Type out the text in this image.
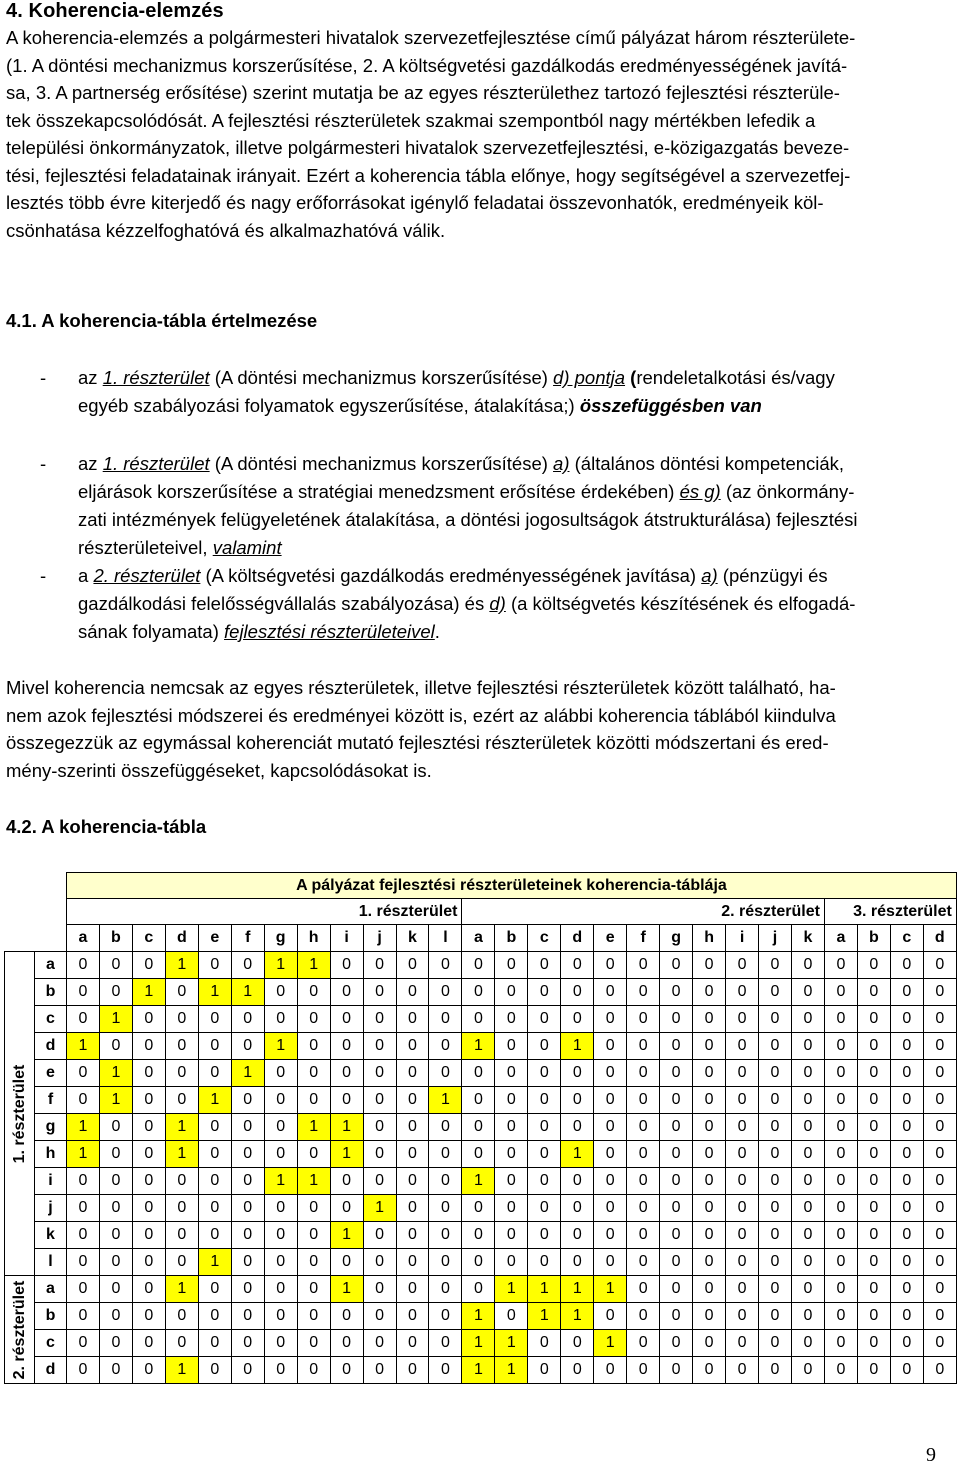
4. Koherencia-elemzés
A koherencia-elemzés a polgármesteri hivatalok szervezetfejlesztése című pályázat három részterülete-
(1. A döntési mechanizmus korszerűsítése, 2. A költségvetési gazdálkodás eredményességének javítá-
sa, 3. A partnerség erősítése) szerint mutatja be az egyes részterülethez tartozó fejlesztési részterüle-
tek összekapcsolódósát. A fejlesztési részterületek szakmai szempontból nagy mértékben lefedik a
települési önkormányzatok, illetve polgármesteri hivatalok szervezetfejlesztési, e-közigazgatás beveze-
tési, fejlesztési feladatainak irányait. Ezért a koherencia tábla előnye, hogy segítségével a szervezetfej-
lesztés több évre kiterjedő és nagy erőforrásokat igénylő feladatai összevonhatók, eredményeik köl-
csönhatása kézzelfoghatóvá és alkalmazhatóvá válik.
4.1. A koherencia-tábla értelmezése
- az 1. részterület (A döntési mechanizmus korszerűsítése) d) pontja (rendeletalkotási és/vagy
egyéb szabályozási folyamatok egyszerűsítése, átalakítása;) összefüggésben van
- az 1. részterület (A döntési mechanizmus korszerűsítése) a) (általános döntési kompetenciák,
eljárások korszerűsítése a stratégiai menedzsment erősítése érdekében) és g) (az önkormány-
zati intézmények felügyeletének átalakítása, a döntési jogosultságok átstrukturálása) fejlesztési
részterületeivel, valamint
- a 2. részterület (A költségvetési gazdálkodás eredményességének javítása) a) (pénzügyi és
gazdálkodási felelősségvállalás szabályozása) és d) (a költségvetés készítésének és elfogadá-
sának folyamata) fejlesztési részterületeivel.
Mivel koherencia nemcsak az egyes részterületek, illetve fejlesztési részterületek között található, ha-
nem azok fejlesztési módszerei és eredményei között is, ezért az alábbi koherencia táblából kiindulva
összegezzük az egymással koherenciát mutató fejlesztési részterületek közötti módszertani és ered-
mény-szerinti összefüggéseket, kapcsolódásokat is.
4.2. A koherencia-tábla
		A pályázat fejlesztési részterületeinek koherencia-táblája																										
		1. részterület												2. részterület											3. részterület			
		a	b	c	d	e	f	g	h	i	j	k	l	a	b	c	d	e	f	g	h	i	j	k	a	b	c	d

1. részterület	a	0	0	0	1	0	0	1	1	0	0	0	0	0	0	0	0	0	0	0	0	0	0	0	0	0	0	0
	b	0	0	1	0	1	1	0	0	0	0	0	0	0	0	0	0	0	0	0	0	0	0	0	0	0	0	0
	c	0	1	0	0	0	0	0	0	0	0	0	0	0	0	0	0	0	0	0	0	0	0	0	0	0	0	0
	d	1	0	0	0	0	0	1	0	0	0	0	0	1	0	0	1	0	0	0	0	0	0	0	0	0	0	0
	e	0	1	0	0	0	1	0	0	0	0	0	0	0	0	0	0	0	0	0	0	0	0	0	0	0	0	0
	f	0	1	0	0	1	0	0	0	0	0	0	1	0	0	0	0	0	0	0	0	0	0	0	0	0	0	0
	g	1	0	0	1	0	0	0	1	1	0	0	0	0	0	0	0	0	0	0	0	0	0	0	0	0	0	0
	h	1	0	0	1	0	0	0	0	1	0	0	0	0	0	0	1	0	0	0	0	0	0	0	0	0	0	0
	i	0	0	0	0	0	0	1	1	0	0	0	0	1	0	0	0	0	0	0	0	0	0	0	0	0	0	0
	j	0	0	0	0	0	0	0	0	0	1	0	0	0	0	0	0	0	0	0	0	0	0	0	0	0	0	0
	k	0	0	0	0	0	0	0	0	1	0	0	0	0	0	0	0	0	0	0	0	0	0	0	0	0	0	0
	l	0	0	0	0	1	0	0	0	0	0	0	0	0	0	0	0	0	0	0	0	0	0	0	0	0	0	0

2. részterület	a	0	0	0	1	0	0	0	0	1	0	0	0	0	1	1	1	1	0	0	0	0	0	0	0	0	0	0
	b	0	0	0	0	0	0	0	0	0	0	0	0	1	0	1	1	0	0	0	0	0	0	0	0	0	0	0
	c	0	0	0	0	0	0	0	0	0	0	0	0	1	1	0	0	1	0	0	0	0	0	0	0	0	0	0
	d	0	0	0	1	0	0	0	0	0	0	0	0	1	1	0	0	0	0	0	0	0	0	0	0	0	0	0
9
